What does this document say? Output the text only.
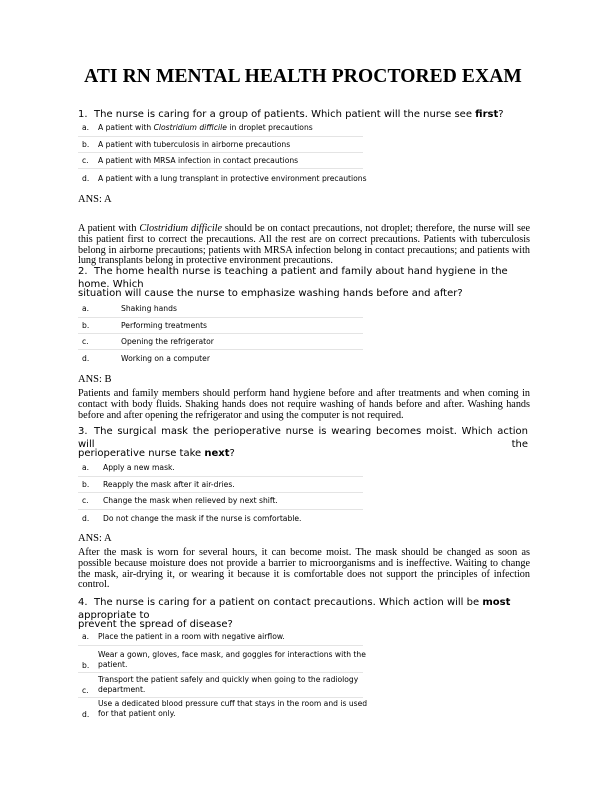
ATI RN MENTAL HEALTH PROCTORED EXAM
1. The nurse is caring for a group of patients. Which patient will the nurse see first?
a. A patient with Clostridium difficile in droplet precautions
b. A patient with tuberculosis in airborne precautions
c. A patient with MRSA infection in contact precautions
d. A patient with a lung transplant in protective environment precautions
ANS: A
A patient with Clostridium difficile should be on contact precautions, not droplet; therefore, the nurse will see this patient first to correct the precautions. All the rest are on correct precautions. Patients with tuberculosis belong in airborne precautions; patients with MRSA infection belong in contact precautions; and patients with lung transplants belong in protective environment precautions.
2. The home health nurse is teaching a patient and family about hand hygiene in the home. Which
situation will cause the nurse to emphasize washing hands before and after?
a.	Shaking hands
b.	Performing treatments
c.	Opening the refrigerator
d.	Working on a computer
ANS: B
Patients and family members should perform hand hygiene before and after treatments and when coming in contact with body fluids. Shaking hands does not require washing of hands before and after. Washing hands before and after opening the refrigerator and using the computer is not required.
3. The surgical mask the perioperative nurse is wearing becomes moist. Which action will the
perioperative nurse take next?
a. Apply a new mask.
b. Reapply the mask after it air-dries.
c. Change the mask when relieved by next shift.
d. Do not change the mask if the nurse is comfortable.
ANS: A
After the mask is worn for several hours, it can become moist. The mask should be changed as soon as possible because moisture does not provide a barrier to microorganisms and is ineffective. Waiting to change the mask, air-drying it, or wearing it because it is comfortable does not support the principles of infection control.
4. The nurse is caring for a patient on contact precautions. Which action will be most appropriate to
prevent the spread of disease?
a. Place the patient in a room with negative airflow.
b.
Wear a gown, gloves, face mask, and goggles for interactions with the
patient.
c.
Transport the patient safely and quickly when going to the radiology
department.
d.
Use a dedicated blood pressure cuff that stays in the room and is used
for that patient only.
